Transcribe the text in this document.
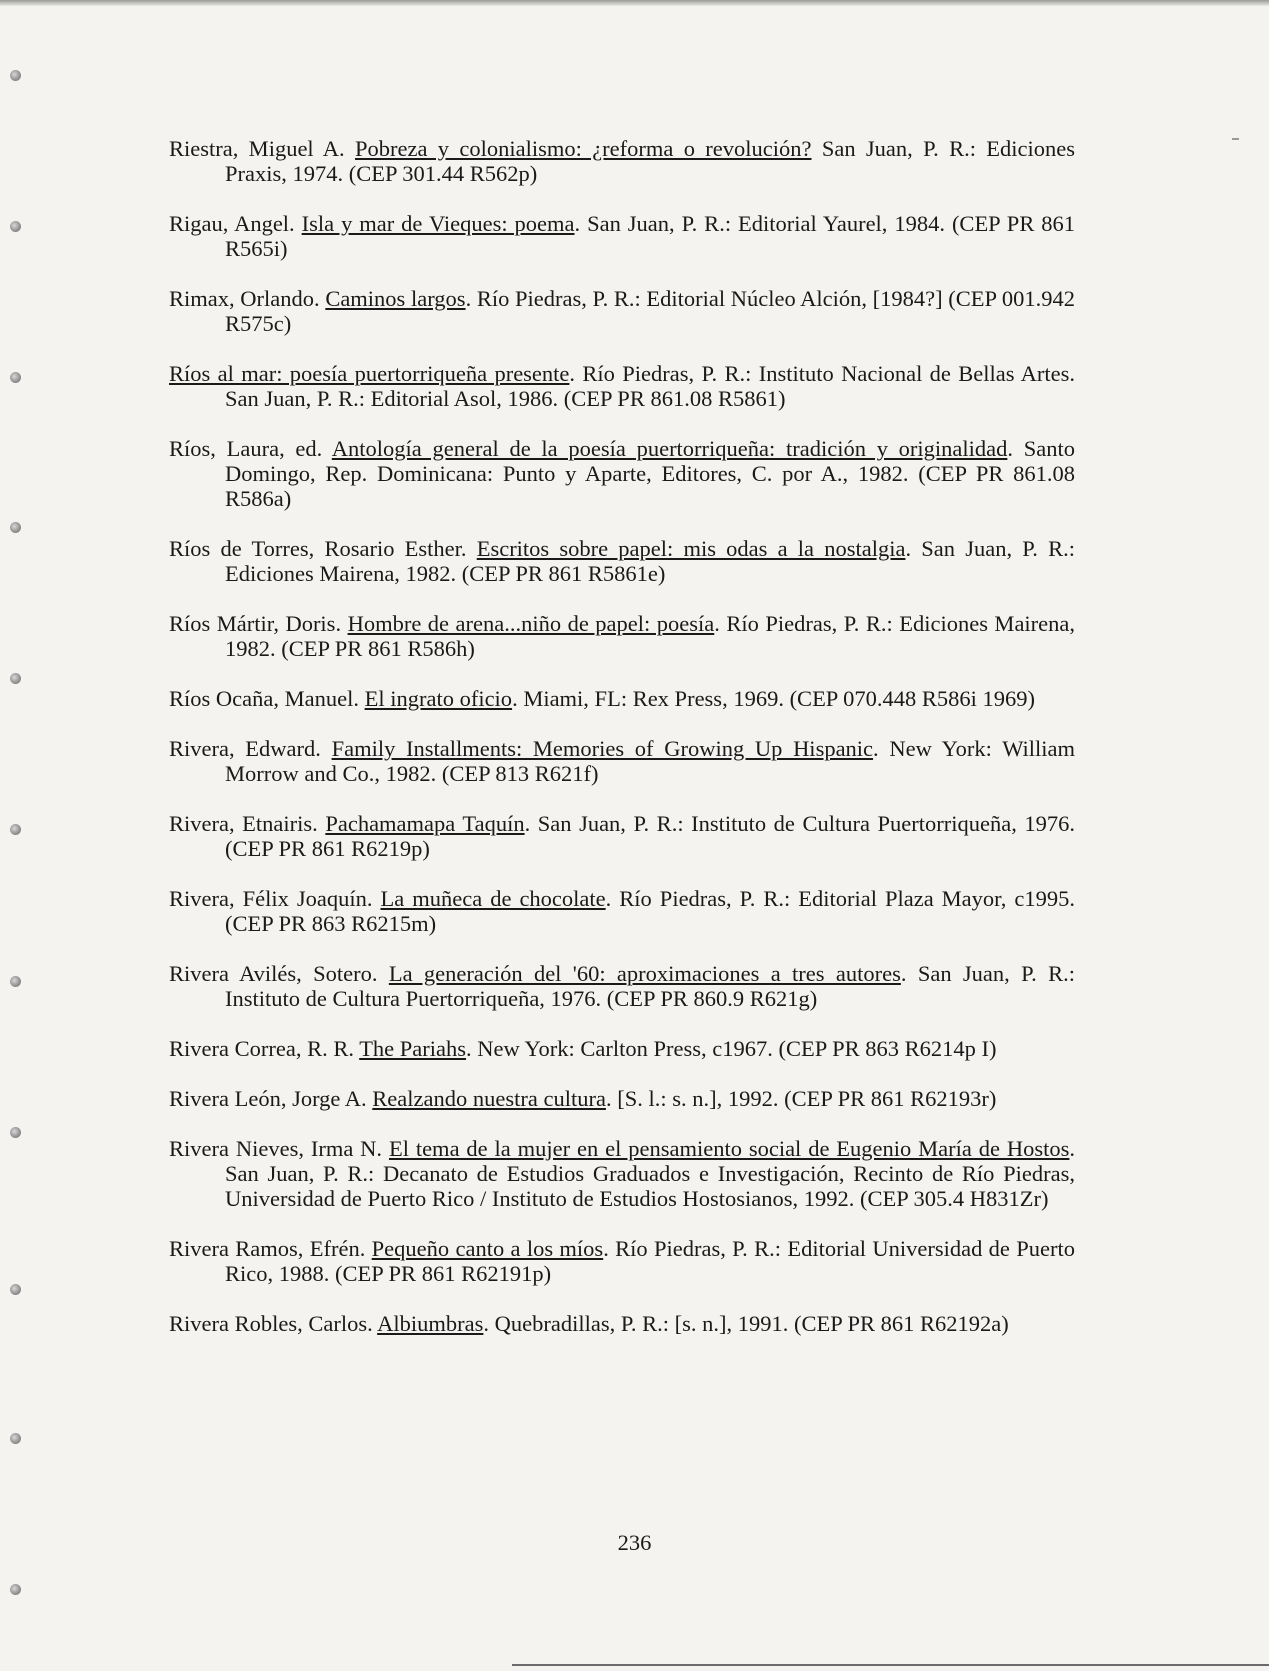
Riestra, Miguel A. Pobreza y colonialismo: ¿reforma o revolución? San Juan, P. R.: Ediciones Praxis, 1974. (CEP 301.44 R562p)

Rigau, Angel. Isla y mar de Vieques: poema. San Juan, P. R.: Editorial Yaurel, 1984. (CEP PR 861 R565i)

Rimax, Orlando. Caminos largos. Río Piedras, P. R.: Editorial Núcleo Alción, [1984?] (CEP 001.942 R575c)

Ríos al mar: poesía puertorriqueña presente. Río Piedras, P. R.: Instituto Nacional de Bellas Artes. San Juan, P. R.: Editorial Asol, 1986. (CEP PR 861.08 R5861)

Ríos, Laura, ed. Antología general de la poesía puertorriqueña: tradición y originalidad. Santo Domingo, Rep. Dominicana: Punto y Aparte, Editores, C. por A., 1982. (CEP PR 861.08 R586a)

Ríos de Torres, Rosario Esther. Escritos sobre papel: mis odas a la nostalgia. San Juan, P. R.: Ediciones Mairena, 1982. (CEP PR 861 R5861e)

Ríos Mártir, Doris. Hombre de arena...niño de papel: poesía. Río Piedras, P. R.: Ediciones Mairena, 1982. (CEP PR 861 R586h)

Ríos Ocaña, Manuel. El ingrato oficio. Miami, FL: Rex Press, 1969. (CEP 070.448 R586i 1969)

Rivera, Edward. Family Installments: Memories of Growing Up Hispanic. New York: William Morrow and Co., 1982. (CEP 813 R621f)

Rivera, Etnairis. Pachamamapa Taquín. San Juan, P. R.: Instituto de Cultura Puertorriqueña, 1976. (CEP PR 861 R6219p)

Rivera, Félix Joaquín. La muñeca de chocolate. Río Piedras, P. R.: Editorial Plaza Mayor, c1995. (CEP PR 863 R6215m)

Rivera Avilés, Sotero. La generación del '60: aproximaciones a tres autores. San Juan, P. R.: Instituto de Cultura Puertorriqueña, 1976. (CEP PR 860.9 R621g)

Rivera Correa, R. R. The Pariahs. New York: Carlton Press, c1967. (CEP PR 863 R6214p I)

Rivera León, Jorge A. Realzando nuestra cultura. [S. l.: s. n.], 1992. (CEP PR 861 R62193r)

Rivera Nieves, Irma N. El tema de la mujer en el pensamiento social de Eugenio María de Hostos. San Juan, P. R.: Decanato de Estudios Graduados e Investigación, Recinto de Río Piedras, Universidad de Puerto Rico / Instituto de Estudios Hostosianos, 1992. (CEP 305.4 H831Zr)

Rivera Ramos, Efrén. Pequeño canto a los míos. Río Piedras, P. R.: Editorial Universidad de Puerto Rico, 1988. (CEP PR 861 R62191p)

Rivera Robles, Carlos. Albiumbras. Quebradillas, P. R.: [s. n.], 1991. (CEP PR 861 R62192a)

236
